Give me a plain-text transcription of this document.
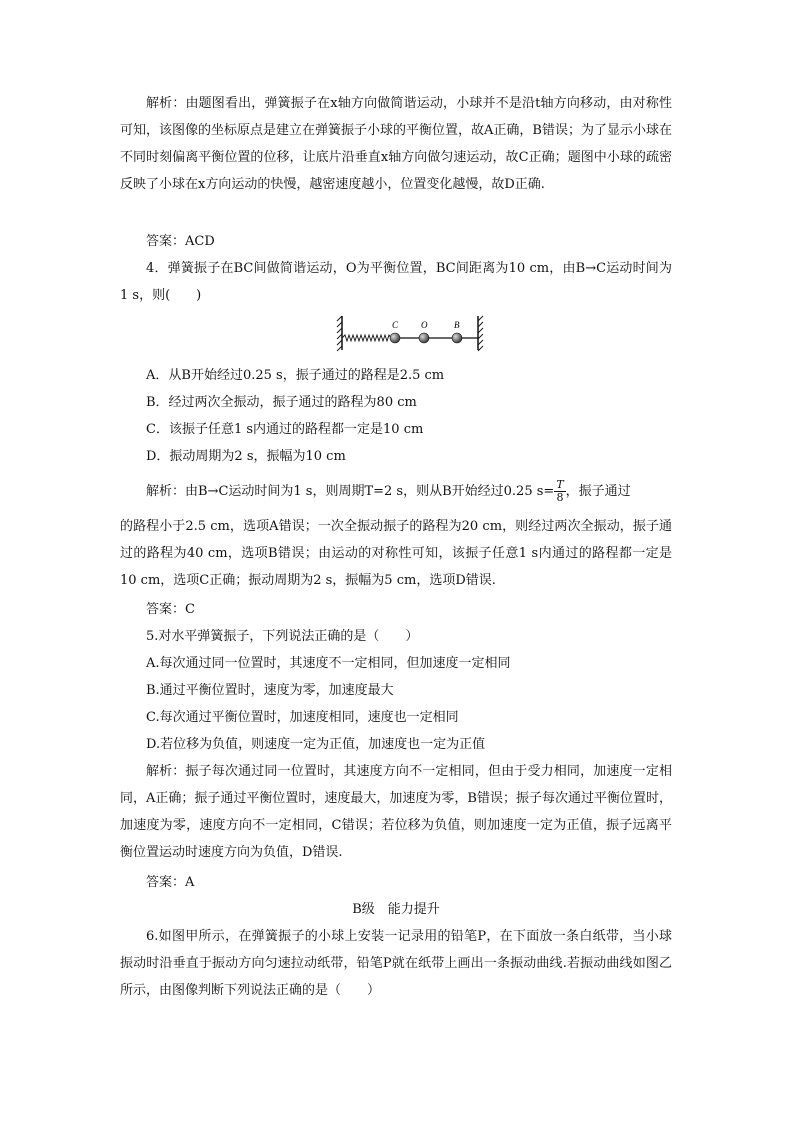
解析：由题图看出，弹簧振子在x轴方向做简谐运动，小球并不是沿t轴方向移动，由对称性可知，该图像的坐标原点是建立在弹簧振子小球的平衡位置，故A正确，B错误；为了显示小球在不同时刻偏离平衡位置的位移，让底片沿垂直x轴方向做匀速运动，故C正确；题图中小球的疏密反映了小球在x方向运动的快慢，越密速度越小，位置变化越慢，故D正确.

答案：ACD

4．弹簧振子在BC间做简谐运动，O为平衡位置，BC间距离为10 cm，由B→C运动时间为1 s，则(　　)

C	O	B

A．从B开始经过0.25 s，振子通过的路程是2.5 cm

B．经过两次全振动，振子通过的路程为80 cm

C．该振子任意1 s内通过的路程都一定是10 cm

D．振动周期为2 s，振幅为10 cm

解析：由B→C运动时间为1 s，则周期T=2 s，则从B开始经过0.25 $s= \frac{T}{8}$ ，振子通过

的路程小于2.5 cm，选项A错误；一次全振动振子的路程为20 cm，则经过两次全振动，振子通过的路程为40 cm，选项B错误；由运动的对称性可知，该振子任意1 s内通过的路程都一定是10 cm，选项C正确；振动周期为2 s，振幅为5 cm，选项D错误.

答案：C

5.对水平弹簧振子，下列说法正确的是（　　）

A.每次通过同一位置时，其速度不一定相同，但加速度一定相同

B.通过平衡位置时，速度为零，加速度最大

C.每次通过平衡位置时，加速度相同，速度也一定相同

D.若位移为负值，则速度一定为正值，加速度也一定为正值

解析：振子每次通过同一位置时，其速度方向不一定相同，但由于受力相同，加速度一定相同，A正确；振子通过平衡位置时，速度最大，加速度为零，B错误；振子每次通过平衡位置时，加速度为零，速度方向不一定相同，C错误；若位移为负值，则加速度一定为正值，振子远离平衡位置运动时速度方向为负值，D错误.

答案：A

B级　能力提升

6.如图甲所示，在弹簧振子的小球上安装一记录用的铅笔P，在下面放一条白纸带，当小球振动时沿垂直于振动方向匀速拉动纸带，铅笔P就在纸带上画出一条振动曲线.若振动曲线如图乙所示，由图像判断下列说法正确的是（　　）
